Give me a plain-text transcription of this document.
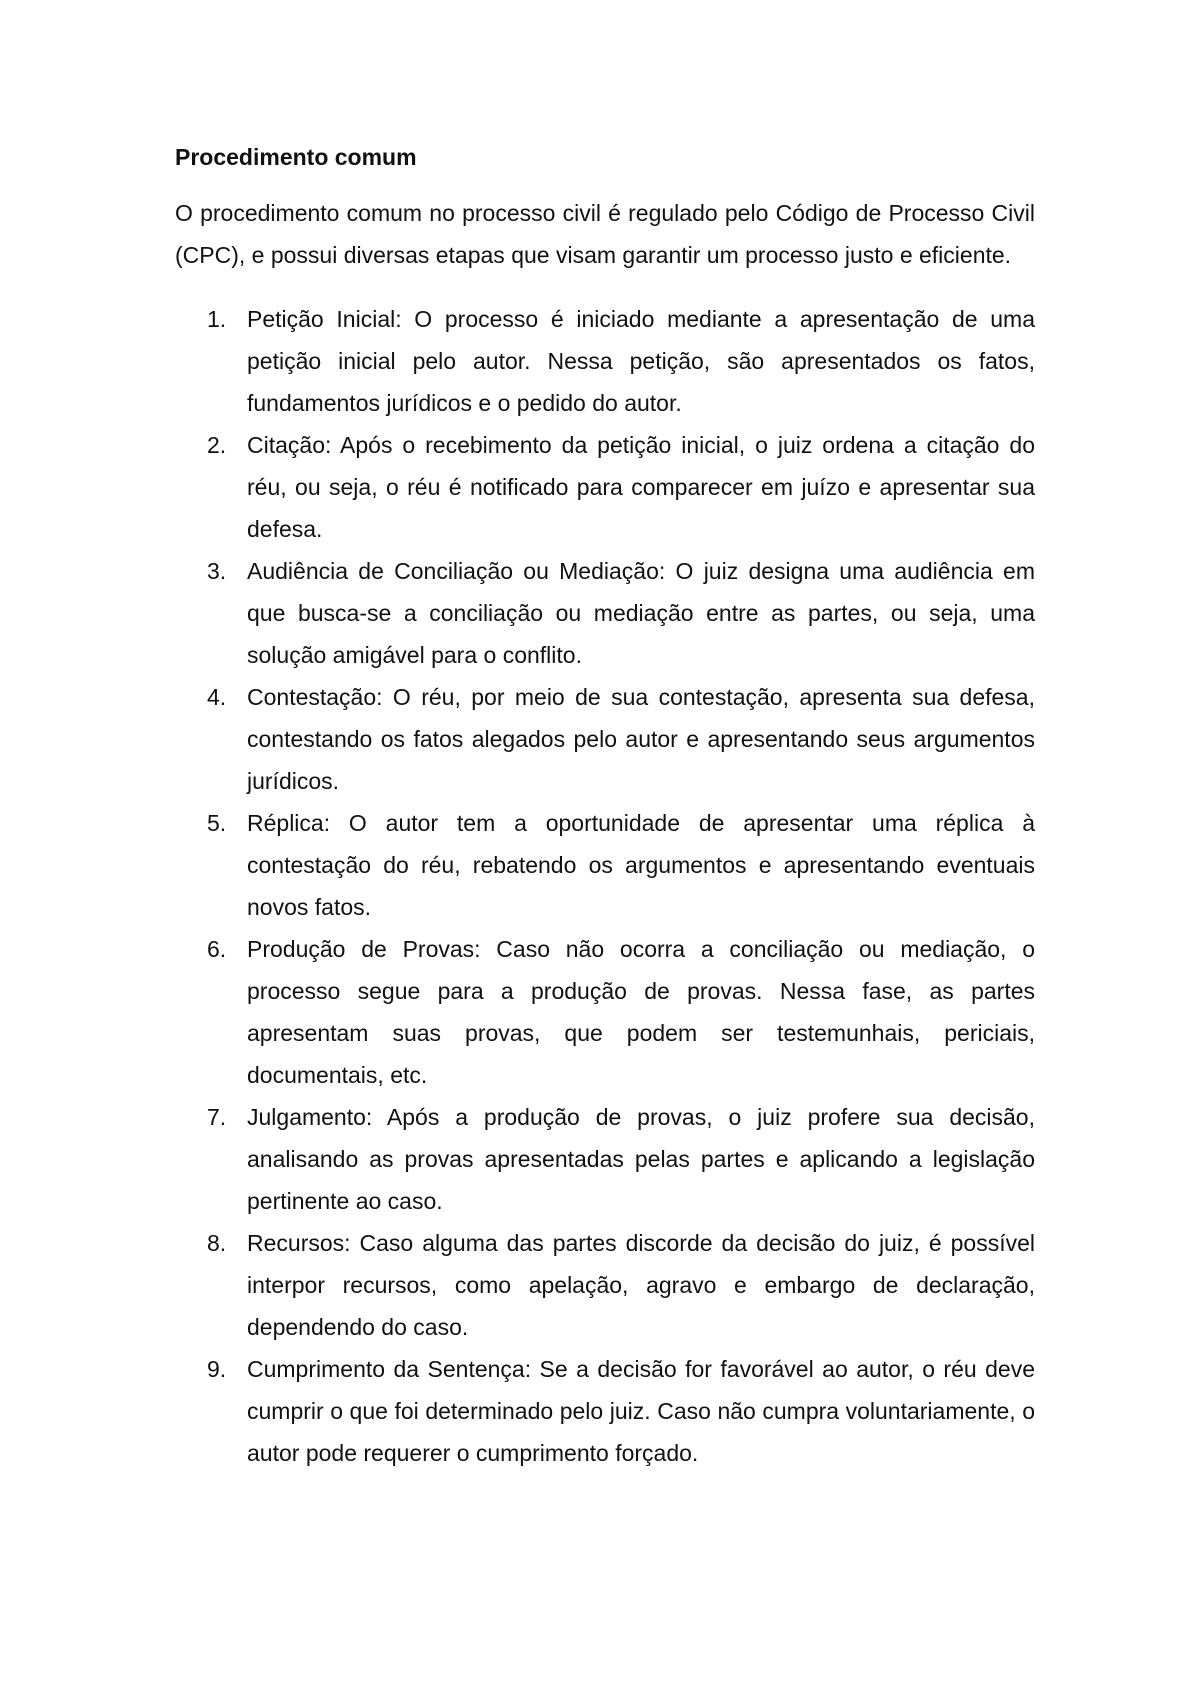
Procedimento comum

O procedimento comum no processo civil é regulado pelo Código de Processo Civil (CPC), e possui diversas etapas que visam garantir um processo justo e eficiente.

1. Petição Inicial: O processo é iniciado mediante a apresentação de uma petição inicial pelo autor. Nessa petição, são apresentados os fatos, fundamentos jurídicos e o pedido do autor.
2. Citação: Após o recebimento da petição inicial, o juiz ordena a citação do réu, ou seja, o réu é notificado para comparecer em juízo e apresentar sua defesa.
3. Audiência de Conciliação ou Mediação: O juiz designa uma audiência em que busca-se a conciliação ou mediação entre as partes, ou seja, uma solução amigável para o conflito.
4. Contestação: O réu, por meio de sua contestação, apresenta sua defesa, contestando os fatos alegados pelo autor e apresentando seus argumentos jurídicos.
5. Réplica: O autor tem a oportunidade de apresentar uma réplica à contestação do réu, rebatendo os argumentos e apresentando eventuais novos fatos.
6. Produção de Provas: Caso não ocorra a conciliação ou mediação, o processo segue para a produção de provas. Nessa fase, as partes apresentam suas provas, que podem ser testemunhais, periciais, documentais, etc.
7. Julgamento: Após a produção de provas, o juiz profere sua decisão, analisando as provas apresentadas pelas partes e aplicando a legislação pertinente ao caso.
8. Recursos: Caso alguma das partes discorde da decisão do juiz, é possível interpor recursos, como apelação, agravo e embargo de declaração, dependendo do caso.
9. Cumprimento da Sentença: Se a decisão for favorável ao autor, o réu deve cumprir o que foi determinado pelo juiz. Caso não cumpra voluntariamente, o autor pode requerer o cumprimento forçado.
